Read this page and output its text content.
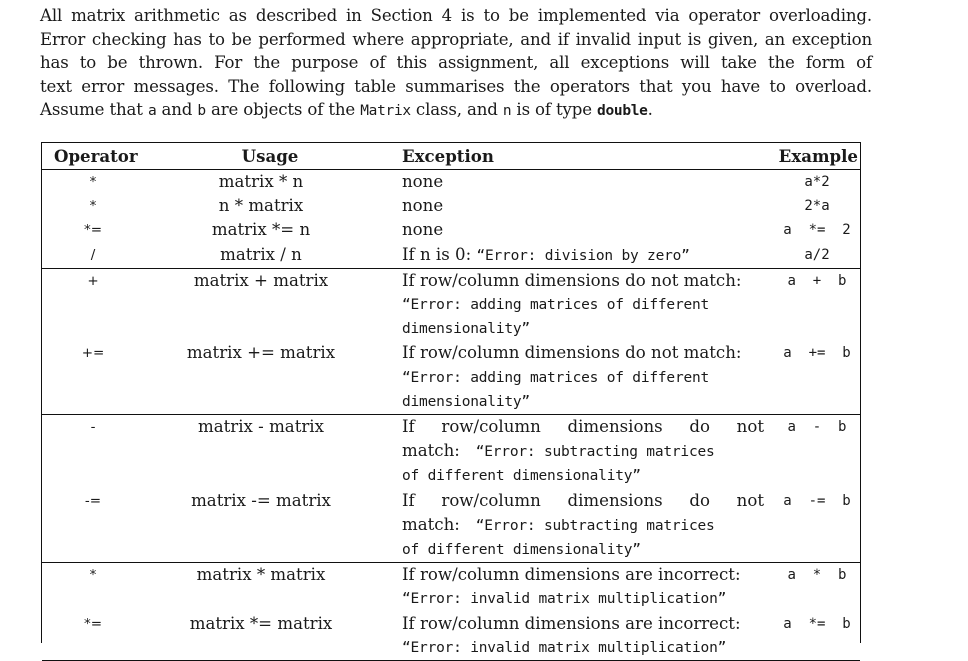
All matrix arithmetic as described in Section 4 is to be implemented via operator overloading.
Error checking has to be performed where appropriate, and if invalid input is given, an exception
has to be thrown. For the purpose of this assignment, all exceptions will take the form of
text error messages. The following table summarises the operators that you have to overload.
Assume that a and b are objects of the Matrix class, and n is of type double.
Operator	Usage	Exception	Example
*	matrix * n	none	a*2
*	n * matrix	none	2*a
*=	matrix *= n	none	a  *=  2
/	matrix / n	If n is 0: “Error: division by zero”	a/2
+	matrix + matrix	If row/column dimensions do not match:
“Error: adding matrices of different
dimensionality”	a  +  b
+=	matrix += matrix	If row/column dimensions do not match:
“Error: adding matrices of different
dimensionality”	a  +=  b
-	matrix - matrix	If row/column dimensions do not
match: “Error: subtracting matrices
of different dimensionality”	a  -  b
-=	matrix -= matrix	If row/column dimensions do not
match: “Error: subtracting matrices
of different dimensionality”	a  -=  b
*	matrix * matrix	If row/column dimensions are incorrect:
“Error: invalid matrix multiplication”	a  *  b
*=	matrix *= matrix	If row/column dimensions are incorrect:
“Error: invalid matrix multiplication”	a  *=  b
